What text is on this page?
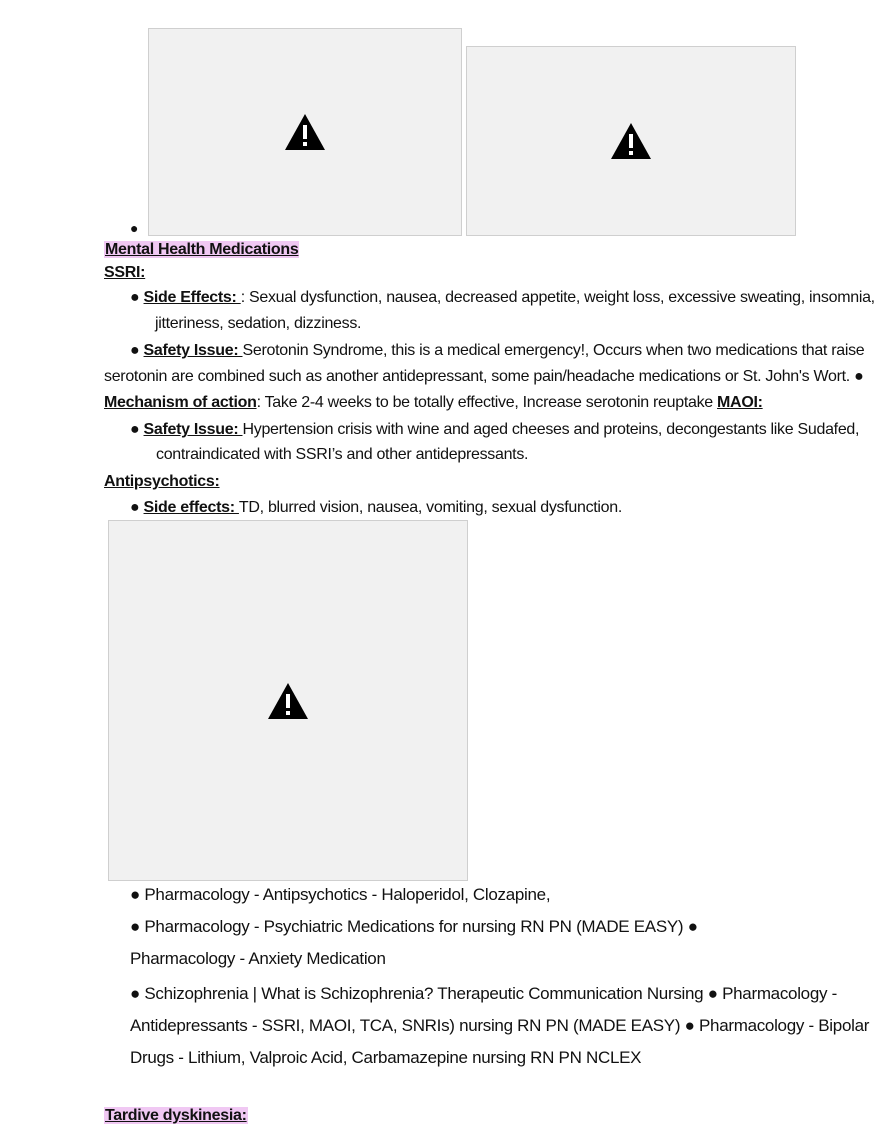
●
Mental Health Medications
SSRI:
● Side Effects: : Sexual dysfunction, nausea, decreased appetite, weight loss, excessive sweating, insomnia,
jitteriness, sedation, dizziness.
● Safety Issue: Serotonin Syndrome, this is a medical emergency!, Occurs when two medications that raise
serotonin are combined such as another antidepressant, some pain/headache medications or St. John's Wort. ●
Mechanism of action: Take 2-4 weeks to be totally effective, Increase serotonin reuptake MAOI:
● Safety Issue: Hypertension crisis with wine and aged cheeses and proteins, decongestants like Sudafed,
contraindicated with SSRI’s and other antidepressants.
Antipsychotics:
● Side effects: TD, blurred vision, nausea, vomiting, sexual dysfunction.
● Pharmacology - Antipsychotics - Haloperidol, Clozapine,
● Pharmacology - Psychiatric Medications for nursing RN PN (MADE EASY) ●
Pharmacology - Anxiety Medication
● Schizophrenia | What is Schizophrenia? Therapeutic Communication Nursing ● Pharmacology -
Antidepressants - SSRI, MAOI, TCA, SNRIs) nursing RN PN (MADE EASY) ● Pharmacology - Bipolar
Drugs - Lithium, Valproic Acid, Carbamazepine nursing RN PN NCLEX
Tardive dyskinesia:
